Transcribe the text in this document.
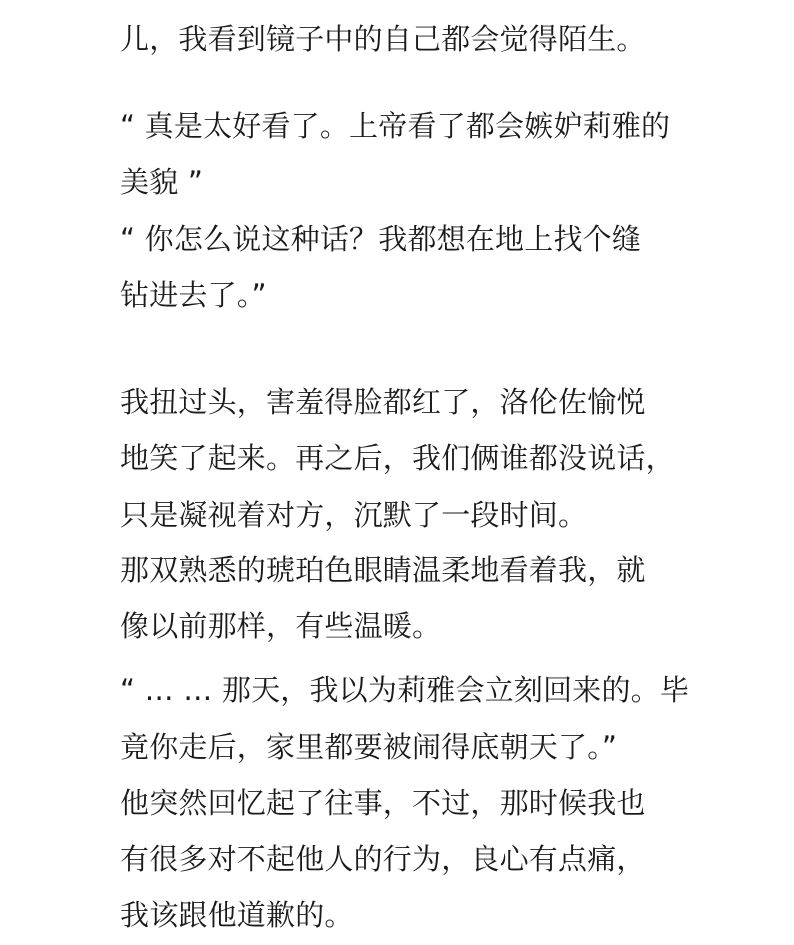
儿，我看到镜子中的自己都会觉得陌生。
“ 真是太好看了。上帝看了都会嫉妒莉雅的
美貌 ”
“ 你怎么说这种话？我都想在地上找个缝
钻进去了。”
我扭过头，害羞得脸都红了，洛伦佐愉悦
地笑了起来。再之后，我们俩谁都没说话，
只是凝视着对方，沉默了一段时间。
那双熟悉的琥珀色眼睛温柔地看着我，就
像以前那样，有些温暖。
“ … … 那天，我以为莉雅会立刻回来的。毕
竟你走后，家里都要被闹得底朝天了。”
他突然回忆起了往事，不过，那时候我也
有很多对不起他人的行为，良心有点痛，
我该跟他道歉的。
